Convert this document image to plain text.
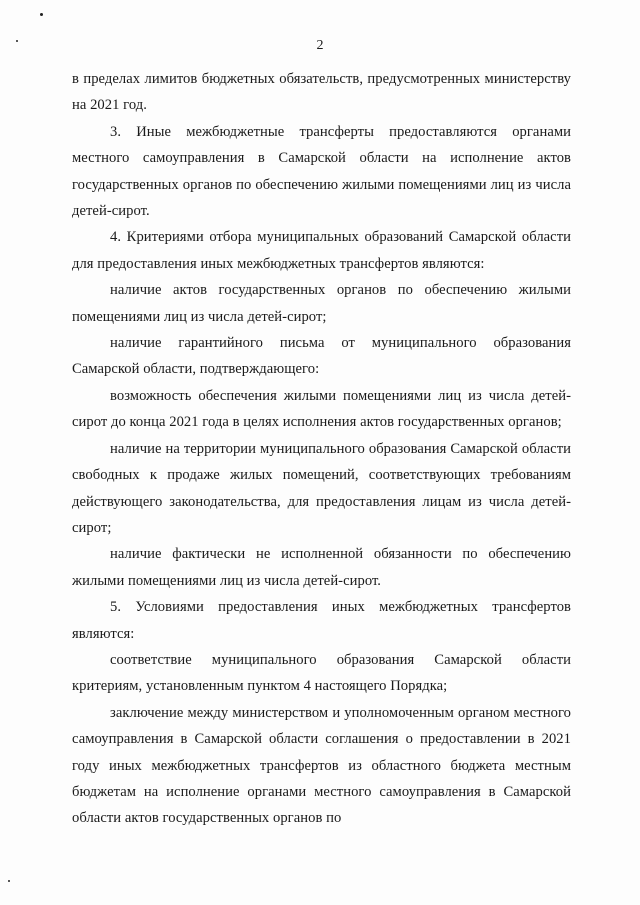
2

в пределах лимитов бюджетных обязательств, предусмотренных министерству на 2021 год.

3. Иные межбюджетные трансферты предоставляются органами местного самоуправления в Самарской области на исполнение актов государственных органов по обеспечению жилыми помещениями лиц из числа детей-сирот.

4. Критериями отбора муниципальных образований Самарской области для предоставления иных межбюджетных трансфертов являются:

наличие актов государственных органов по обеспечению жилыми помещениями лиц из числа детей-сирот;

наличие гарантийного письма от муниципального образования Самарской области, подтверждающего:

возможность обеспечения жилыми помещениями лиц из числа детей-сирот до конца 2021 года в целях исполнения актов государственных органов;

наличие на территории муниципального образования Самарской области свободных к продаже жилых помещений, соответствующих требованиям действующего законодательства, для предоставления лицам из числа детей-сирот;

наличие фактически не исполненной обязанности по обеспечению жилыми помещениями лиц из числа детей-сирот.

5. Условиями предоставления иных межбюджетных трансфертов являются:

соответствие муниципального образования Самарской области критериям, установленным пунктом 4 настоящего Порядка;

заключение между министерством и уполномоченным органом местного самоуправления в Самарской области соглашения о предоставлении в 2021 году иных межбюджетных трансфертов из областного бюджета местным бюджетам на исполнение органами местного самоуправления в Самарской области актов государственных органов по
